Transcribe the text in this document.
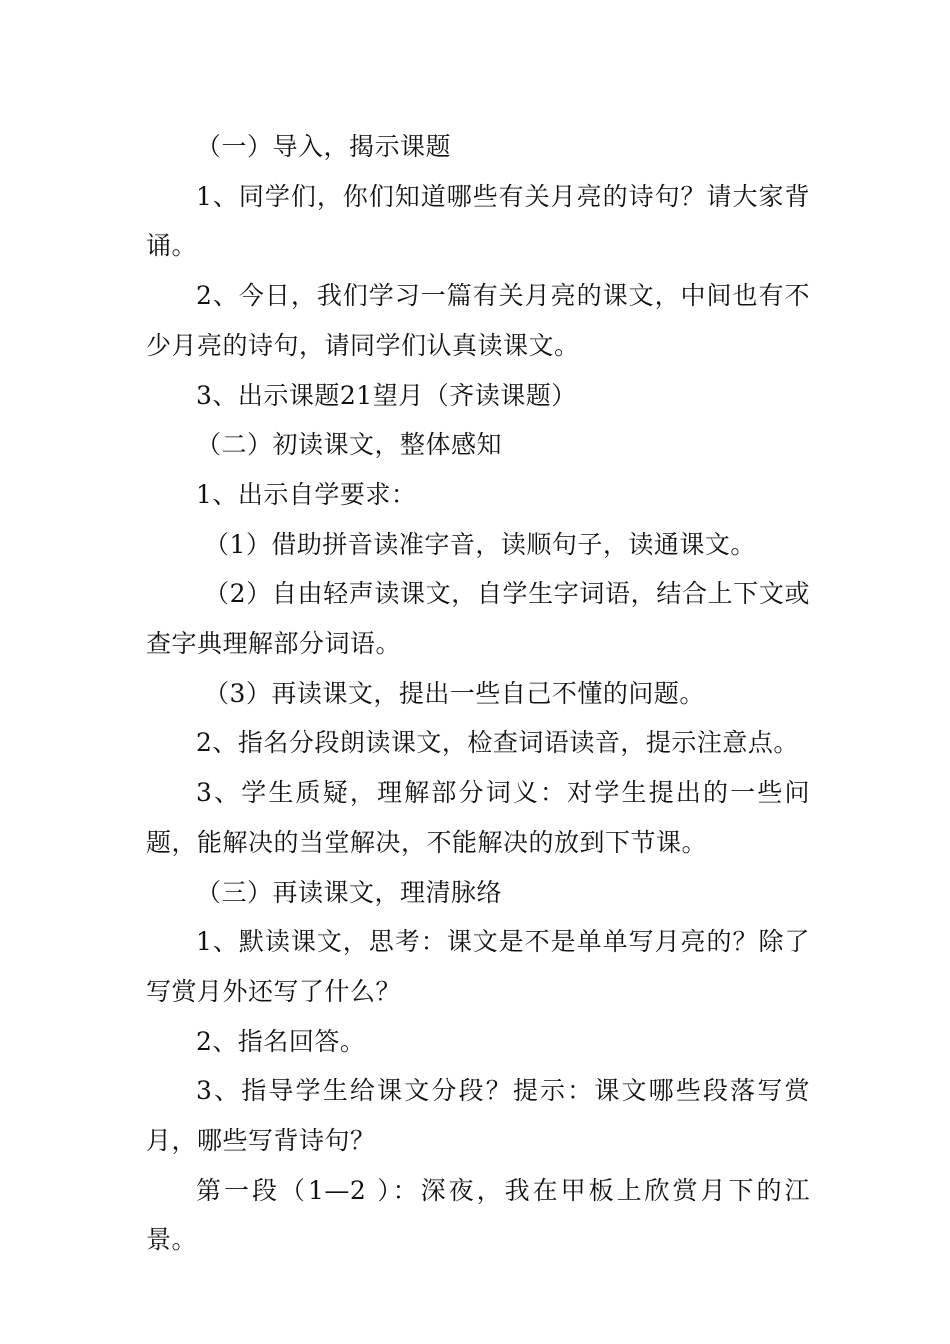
（一）导入，揭示课题

1、同学们，你们知道哪些有关月亮的诗句？请大家背诵。

2、今日，我们学习一篇有关月亮的课文，中间也有不少月亮的诗句，请同学们认真读课文。

3、出示课题21望月（齐读课题）

（二）初读课文，整体感知

1、出示自学要求：

（1）借助拼音读准字音，读顺句子，读通课文。

（2）自由轻声读课文，自学生字词语，结合上下文或查字典理解部分词语。

（3）再读课文，提出一些自己不懂的问题。

2、指名分段朗读课文，检查词语读音，提示注意点。

3、学生质疑，理解部分词义：对学生提出的一些问题，能解决的当堂解决，不能解决的放到下节课。

（三）再读课文，理清脉络

1、默读课文，思考：课文是不是单单写月亮的？除了写赏月外还写了什么？

2、指名回答。

3、指导学生给课文分段？提示：课文哪些段落写赏月，哪些写背诗句？

第一段（1—2 ）：深夜，我在甲板上欣赏月下的江景。
